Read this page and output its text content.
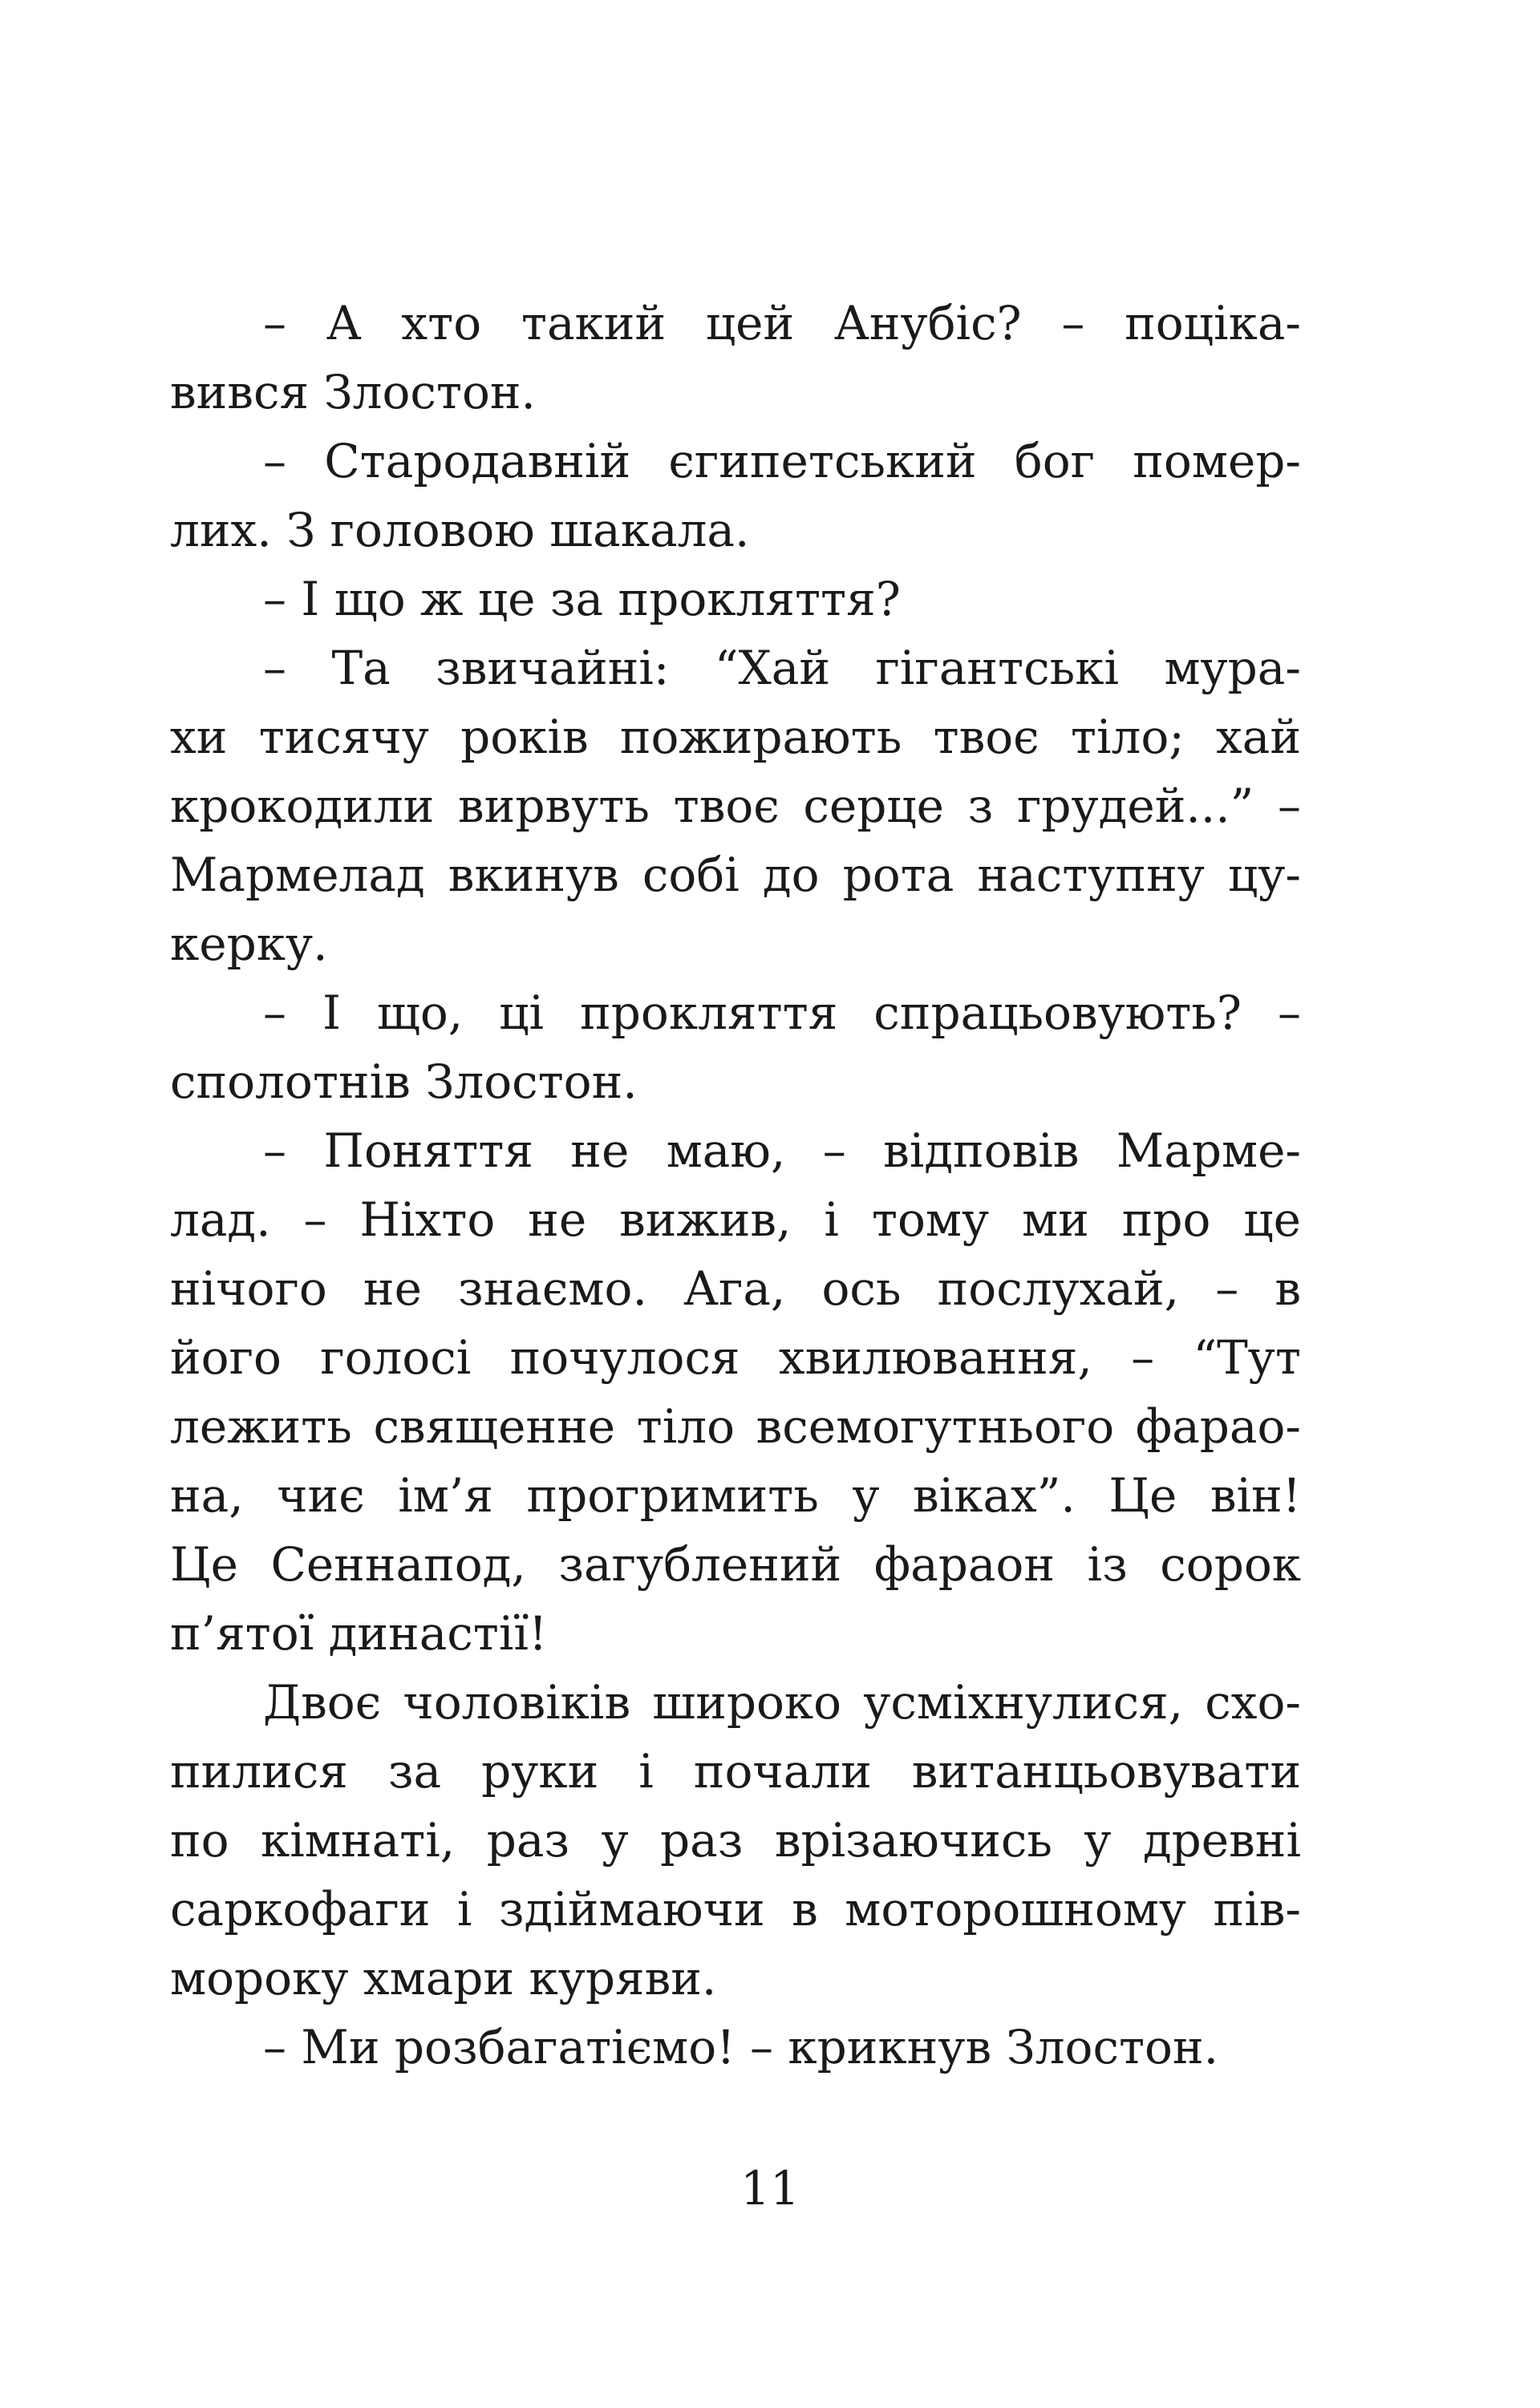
– А хто такий цей Анубіс? – поціка-
вився Злостон.
– Стародавній єгипетський бог помер-
лих. З головою шакала.
– І що ж це за прокляття?
– Та звичайні: “Хай гігантські мура-
хи тисячу років пожирають твоє тіло; хай
крокодили вирвуть твоє серце з грудей...” –
Мармелад вкинув собі до рота наступну цу-
керку.
– І що, ці прокляття спрацьовують? –
сполотнів Злостон.
– Поняття не маю, – відповів Марме-
лад. – Ніхто не вижив, і тому ми про це
нічого не знаємо. Ага, ось послухай, – в
його голосі почулося хвилювання, – “Тут
лежить священне тіло всемогутнього фарао-
на, чиє ім’я прогримить у віках”. Це він!
Це Сеннапод, загублений фараон із сорок
п’ятої династії!
Двоє чоловіків широко усміхнулися, схо-
пилися за руки і почали витанцьовувати
по кімнаті, раз у раз врізаючись у древні
саркофаги і здіймаючи в моторошному пів-
мороку хмари куряви.
– Ми розбагатіємо! – крикнув Злостон.
11
